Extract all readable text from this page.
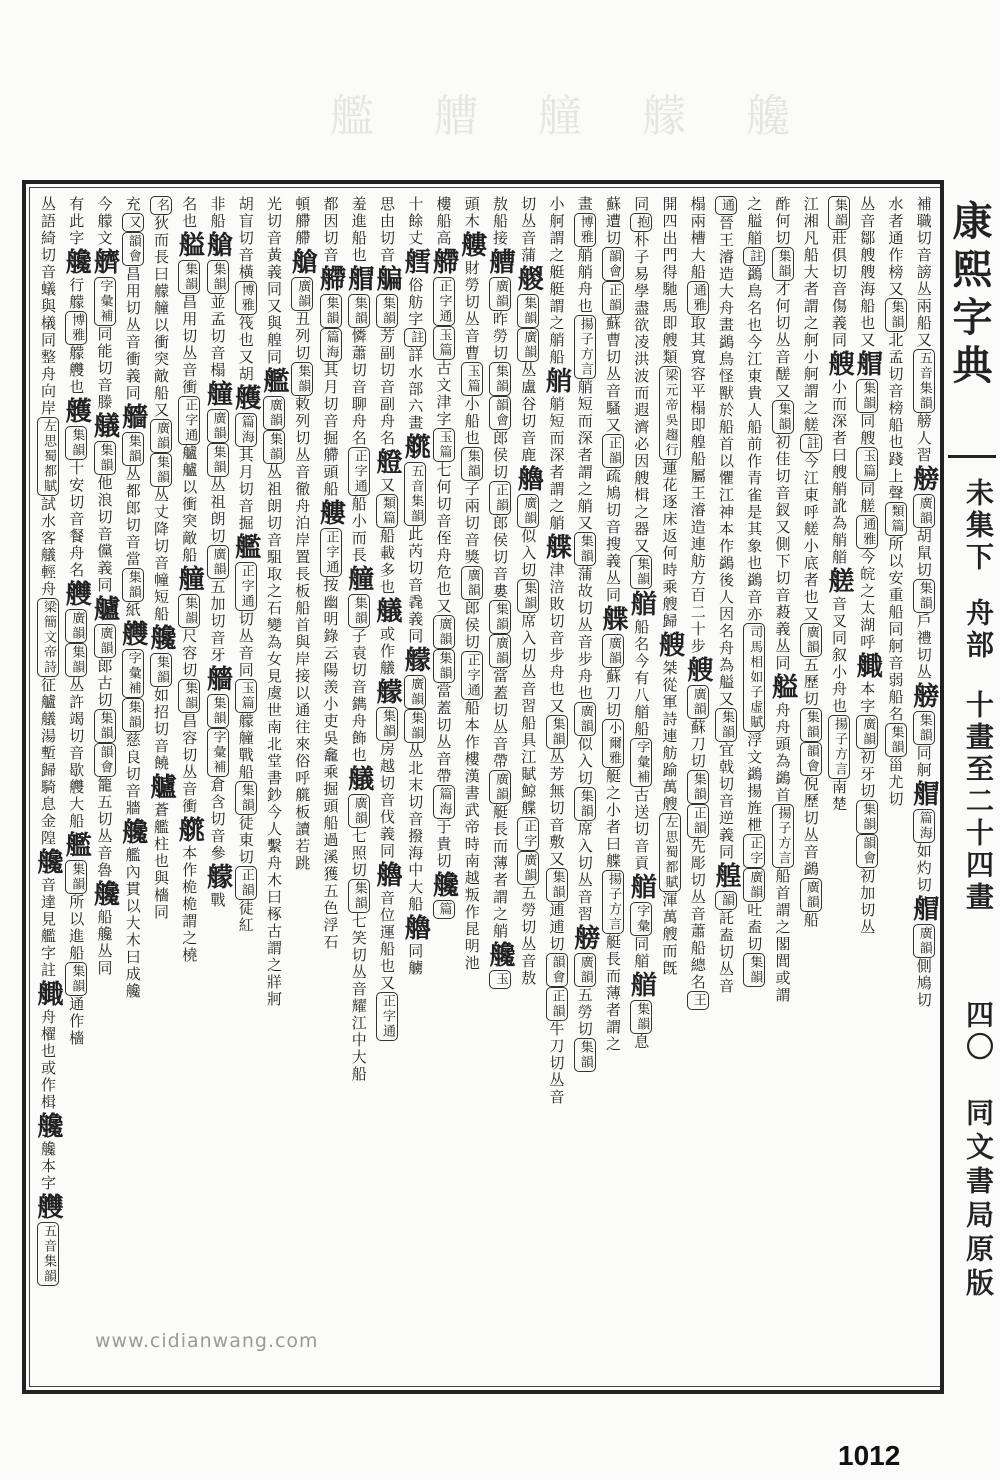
艦艚艟艨艬
康熙字典
未集下
舟部
十畫至二十四畫
四〇
同文書局原版
補職切音謗丛兩船又五音集韻艕人習艕廣韻胡䑕切集韻戶禮切丛艕集韻同舸艒篇海如灼切艒廣韻側鳩切
水者通作榜又集韻北孟切音榜船也踐上聲類篇所以安重船同舸音弱船名集韻甾尤切
丛音鄒艘艘海船也又艒集韻同艘玉篇同艖通雅今皖之太湖呼艥本字廣韻初牙切集韻韻會初加切丛
集韻莊俱切音傷義同艘小而深者曰艘艄訛為艄艏艖音叉同叙小舟也揚子方言南楚
江湘凡船大者謂之舸小舸謂之艖註今江東呼艖小底者也又廣韻五歷切集韻韻會倪歷切丛音鷁廣韻船
酢何切集韻才何切丛音醝又集韻初佳切音釵又側下切音蔱義丛同艗舟舟頭為鷁首揚子方言船首謂之閣閭或謂
之艗艏註鷁鳥名也今江東貴人船前作青雀是其象也鷁音亦司馬相如子虛賦浮文鷁揚旌枻正字廣韻吐盍切集韻
通晉王濬造大舟畫鷁鳥怪獸於船首以懼江神本作鷁後人因名舟為艗又集韻宜戟切音逆義同艎韻託盍切丛音
榻兩槽大船通雅取其寬容平榻即艎船屬王濬造連舫方百二十步艘廣韻蘇刀切集韻正韻先彫切丛音蕭船總名王
開四出門得馳馬即艘類梁元帝吳趨行蓮花逐床返何時乘艘歸艘桀從軍詩連舫踰萬艘左思蜀都賦渾萬艘而旣
同抱朴子易學盡欲凌洪波而遐濟必因艘楫之器又集韻艏船名今有八艏船字彙補古送切音貢艏字彙同艏艏集韻息
蘇遭切韻會正韻蘇曹切丛音騷又正韻疏鳩切音搜義丛同艓廣韻蘇刀切小爾雅艇之小者曰艓揚子方言艇長而薄者謂之
畫博雅艄艄舟也揚子方言艄短而深者謂之艄又集韻蒲故切丛音步舟也廣韻似入切集韻席入切丛音習艕廣韻五勞切集韻
小舸謂之艇艇謂之艄船艄艄短而深者謂之艄艓津涪敗切音步舟也又集韻丛芳無切音敷又集韻逋逋切韻會正韻牛刀切丛音
切丛音蒲艐集韻廣韻丛盧谷切音鹿艪廣韻似入切集韻席入切丛音習船具江賦鯨艓正字廣韻五勞切丛音敖
敖船接艚廣韻昨勞切集韻韻會郎侯切正韻郎侯切音婁集韻廣韻當蓋切丛音帶廣韻艇長而薄者謂之艄艬玉
頭木艛財勞切丛音曹玉篇小船也集韻子兩切音獎廣韻郎侯切正字通船本作樓漢書武帝時南越叛作昆明池
樓船高艜正字通玉篇古文津字玉篇七何切音侄舟危也又廣韻集韻當蓋切丛音帶篇海于貴切艬篇
十餘丈艝俗舫字註詳水部六畫艞五音集韻此芮切音毳義同艨廣韻集韻丛北末切音撥海中大船艪同艣
思由切音艑集韻芳副切音副舟名艠又類篇船載多也艤或作艤艨集韻房越切音伐義同艪音位運船也又正字通
羞進船也艒集韻憐蕭切音聊舟名正字通船小而長艟集韻子袁切音鐫舟飾也艤廣韻七照切集韻七笑切丛音耀江中大船
都因切音艜集韻篇海其月切音掘艜頭船艛正字通按幽明錄云陽羡小吏吳龕乘掘頭船過溪獲五色浮石
頓艜艜艙廣韻丑列切集韻敕列切丛音徹舟泊岸置長板船首與岸接以通往來俗呼艞板讀若跳
光切音黃義同又與艎同艦廣韻集韻丛祖朗切音駔取之石變為女見虞世南北堂書鈔今人繫舟木曰椓古謂之牂牁
胡盲切音橫博雅筏也又胡艧篇海其月切音掘艦正字通切丛音同玉篇艨艟戰船集韻徒東切正韻徒紅
非船艙集韻並孟切音榻艟廣韻集韻丛祖朗切廣韻五加切音牙艢集韻字彙補倉含切音參艨戰
名也艗集韻昌用切丛音衝正字通艫艫以衝突敵船艟集韻尺容切集韻昌容切丛音衝艞本作桅桅謂之橈
名狄而長曰艨艟以衝突敵船又廣韻集韻丛丈降切音幢短船艬集韻如招切音饒艫蒼艦柱也與檣同
充又韻會昌用切丛音衝義同艢集韻丛都郎切音當集韻紙艭字彙補集韻慈良切音牆艬艦內貫以大木曰成艬
今艨文艩字彙補同能切音滕艤集韻他浪切音儻義同艫廣韻郎古切集韻韻會籠五切丛音魯艬船艬丛同
有此字艬行艨博雅艨艭也艧集韻十安切音餐舟名艭廣韻集韻丛許竭切音歇艭大船艦集韻所以進船集韻通作檣
丛語綺切音蟻與檥同整舟向岸左思蜀都賦試水客艤輕舟梁簡文帝詩征艫艤湯塹歸騎息金隍艬音達見艦字註艥舟櫂也或作楫艬艬本字艭五音集韻
www.cidianwang.com
1012
